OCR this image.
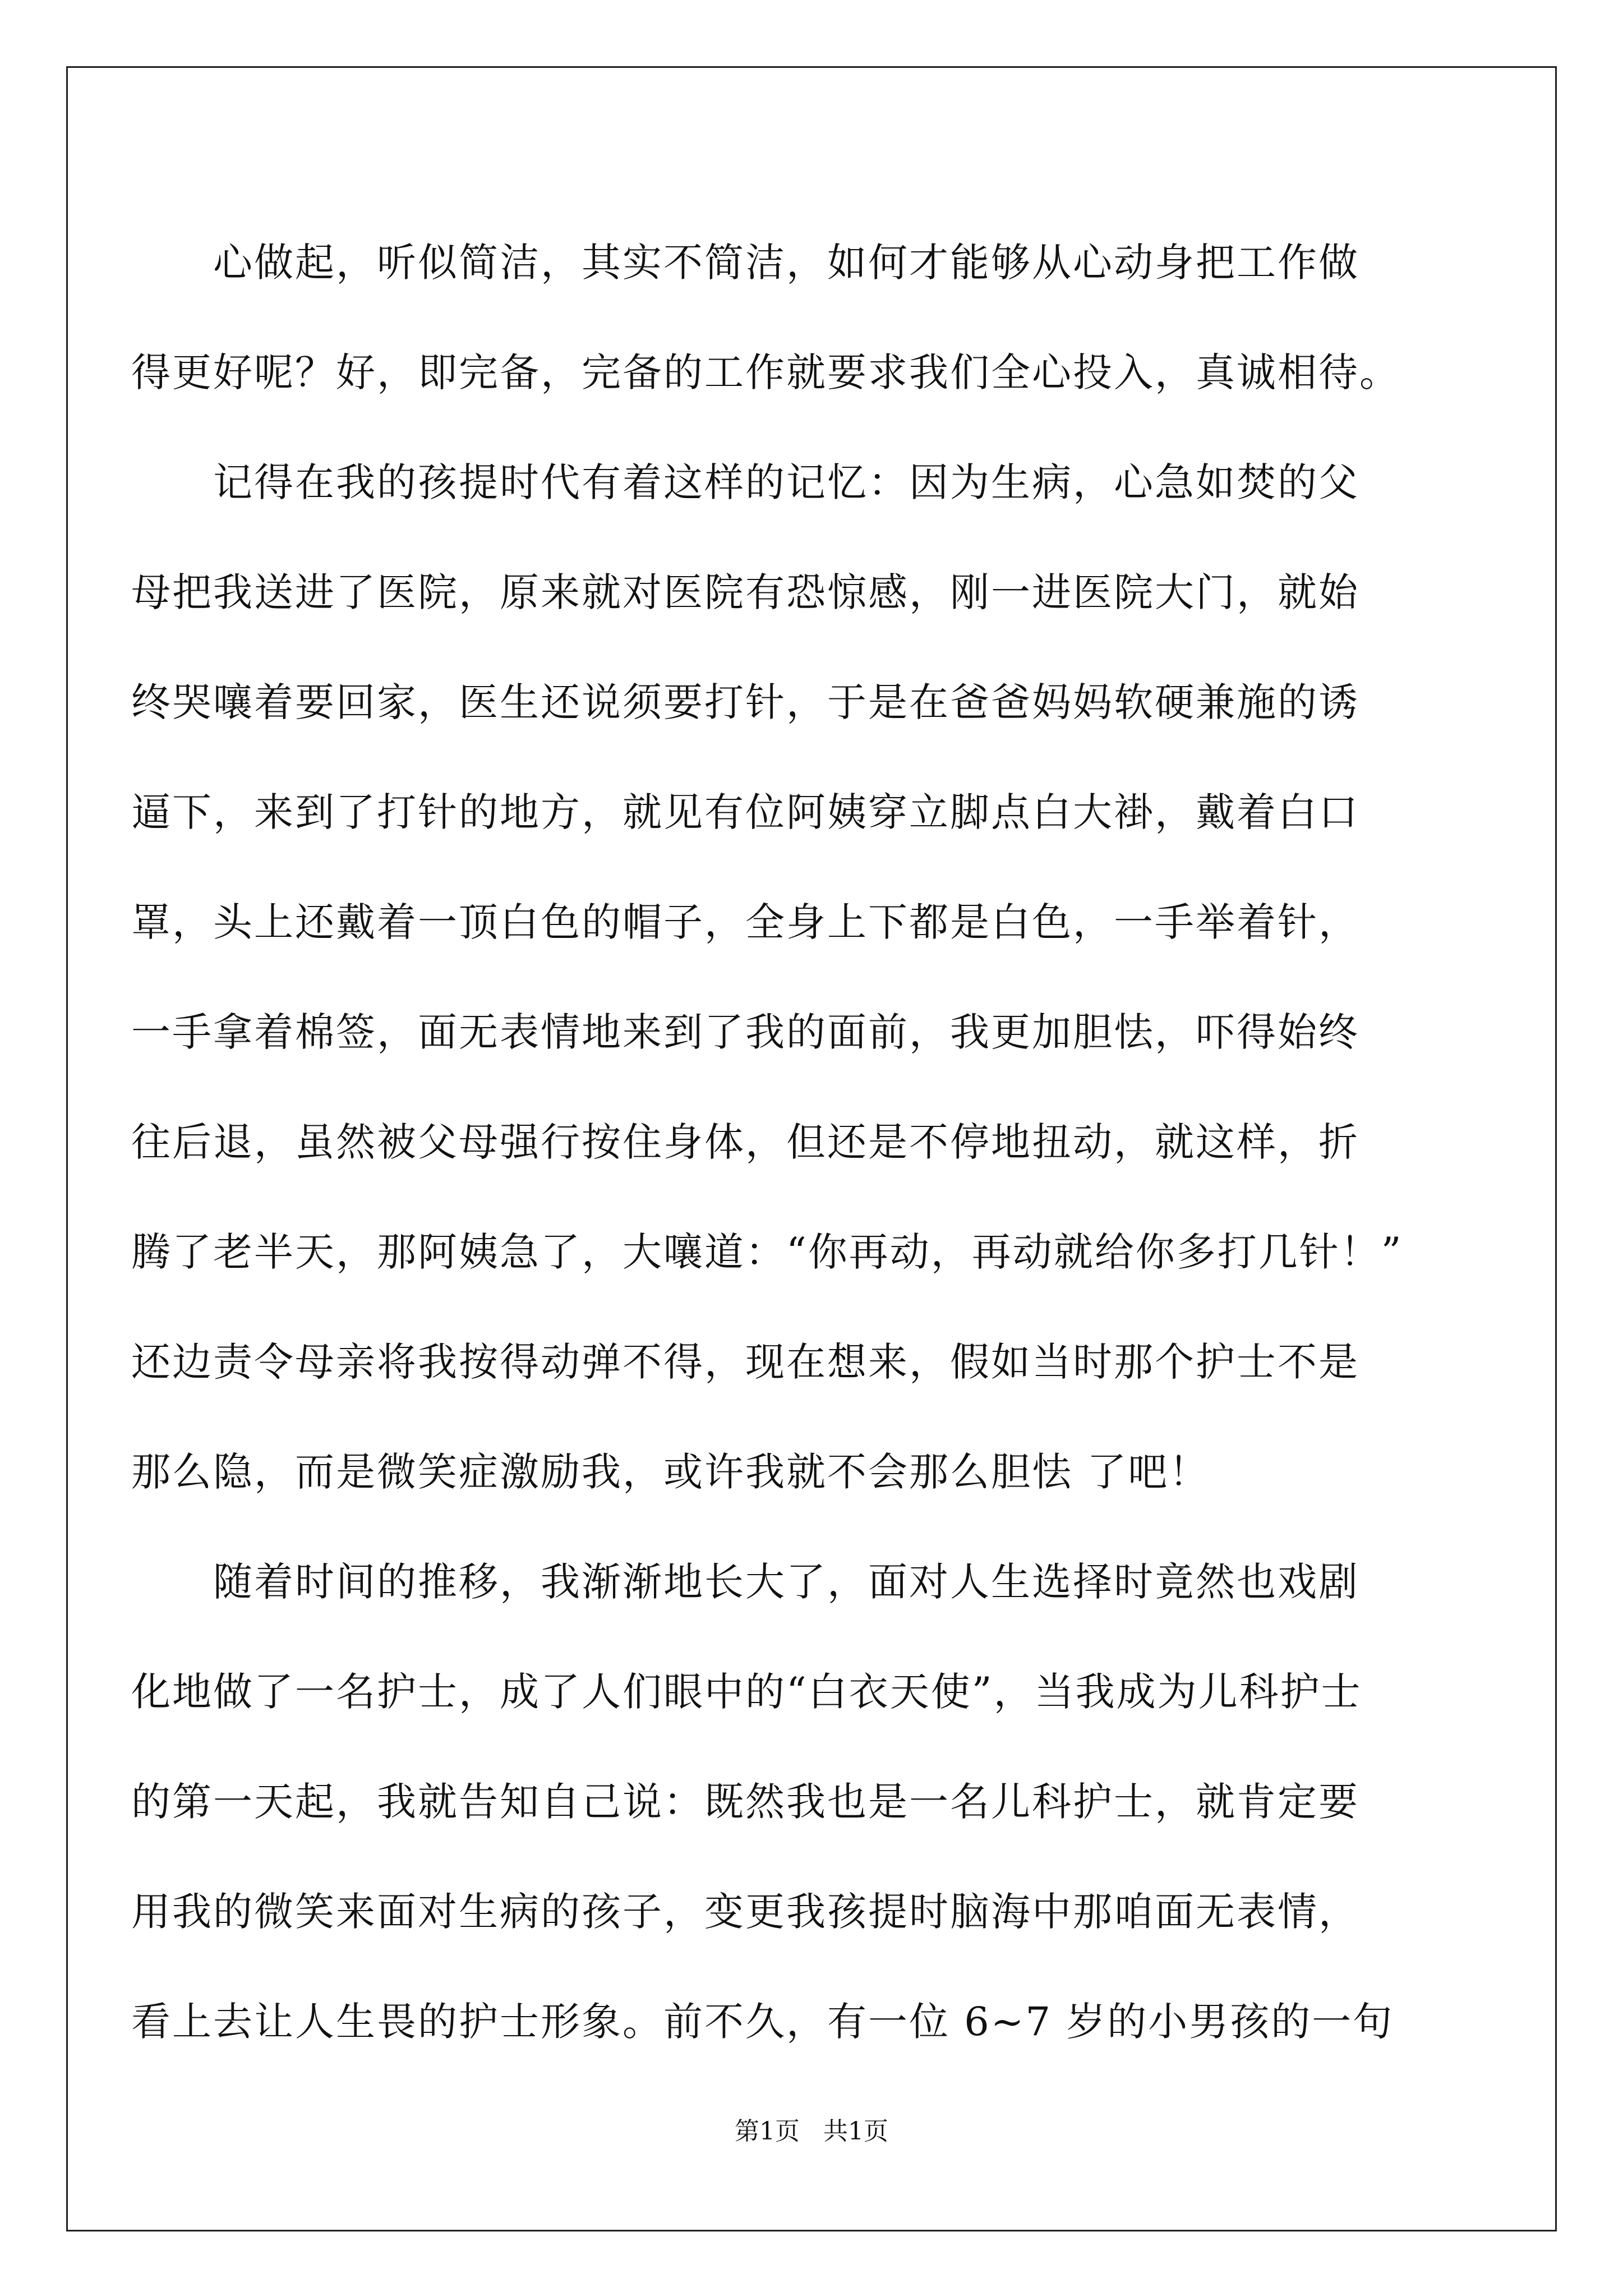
心做起，听似简洁，其实不简洁，如何才能够从心动身把工作做
得更好呢？好，即完备，完备的工作就要求我们全心投入，真诚相待。
记得在我的孩提时代有着这样的记忆：因为生病，心急如焚的父
母把我送进了医院，原来就对医院有恐惊感，刚一进医院大门，就始
终哭嚷着要回家，医生还说须要打针，于是在爸爸妈妈软硬兼施的诱
逼下，来到了打针的地方，就见有位阿姨穿立脚点白大褂，戴着白口
罩，头上还戴着一顶白色的帽子，全身上下都是白色，一手举着针，
一手拿着棉签，面无表情地来到了我的面前，我更加胆怯，吓得始终
往后退，虽然被父母强行按住身体，但还是不停地扭动，就这样，折
腾了老半天，那阿姨急了，大嚷道：“你再动，再动就给你多打几针！”
还边责令母亲将我按得动弹不得，现在想来，假如当时那个护士不是
那么隐，而是微笑症激励我，或许我就不会那么胆怯 了吧！
随着时间的推移，我渐渐地长大了，面对人生选择时竟然也戏剧
化地做了一名护士，成了人们眼中的“白衣天使”，当我成为儿科护士
的第一天起，我就告知自己说：既然我也是一名儿科护士，就肯定要
用我的微笑来面对生病的孩子，变更我孩提时脑海中那咱面无表情，
看上去让人生畏的护士形象。前不久，有一位 6~7 岁的小男孩的一句
第1页   共1页
